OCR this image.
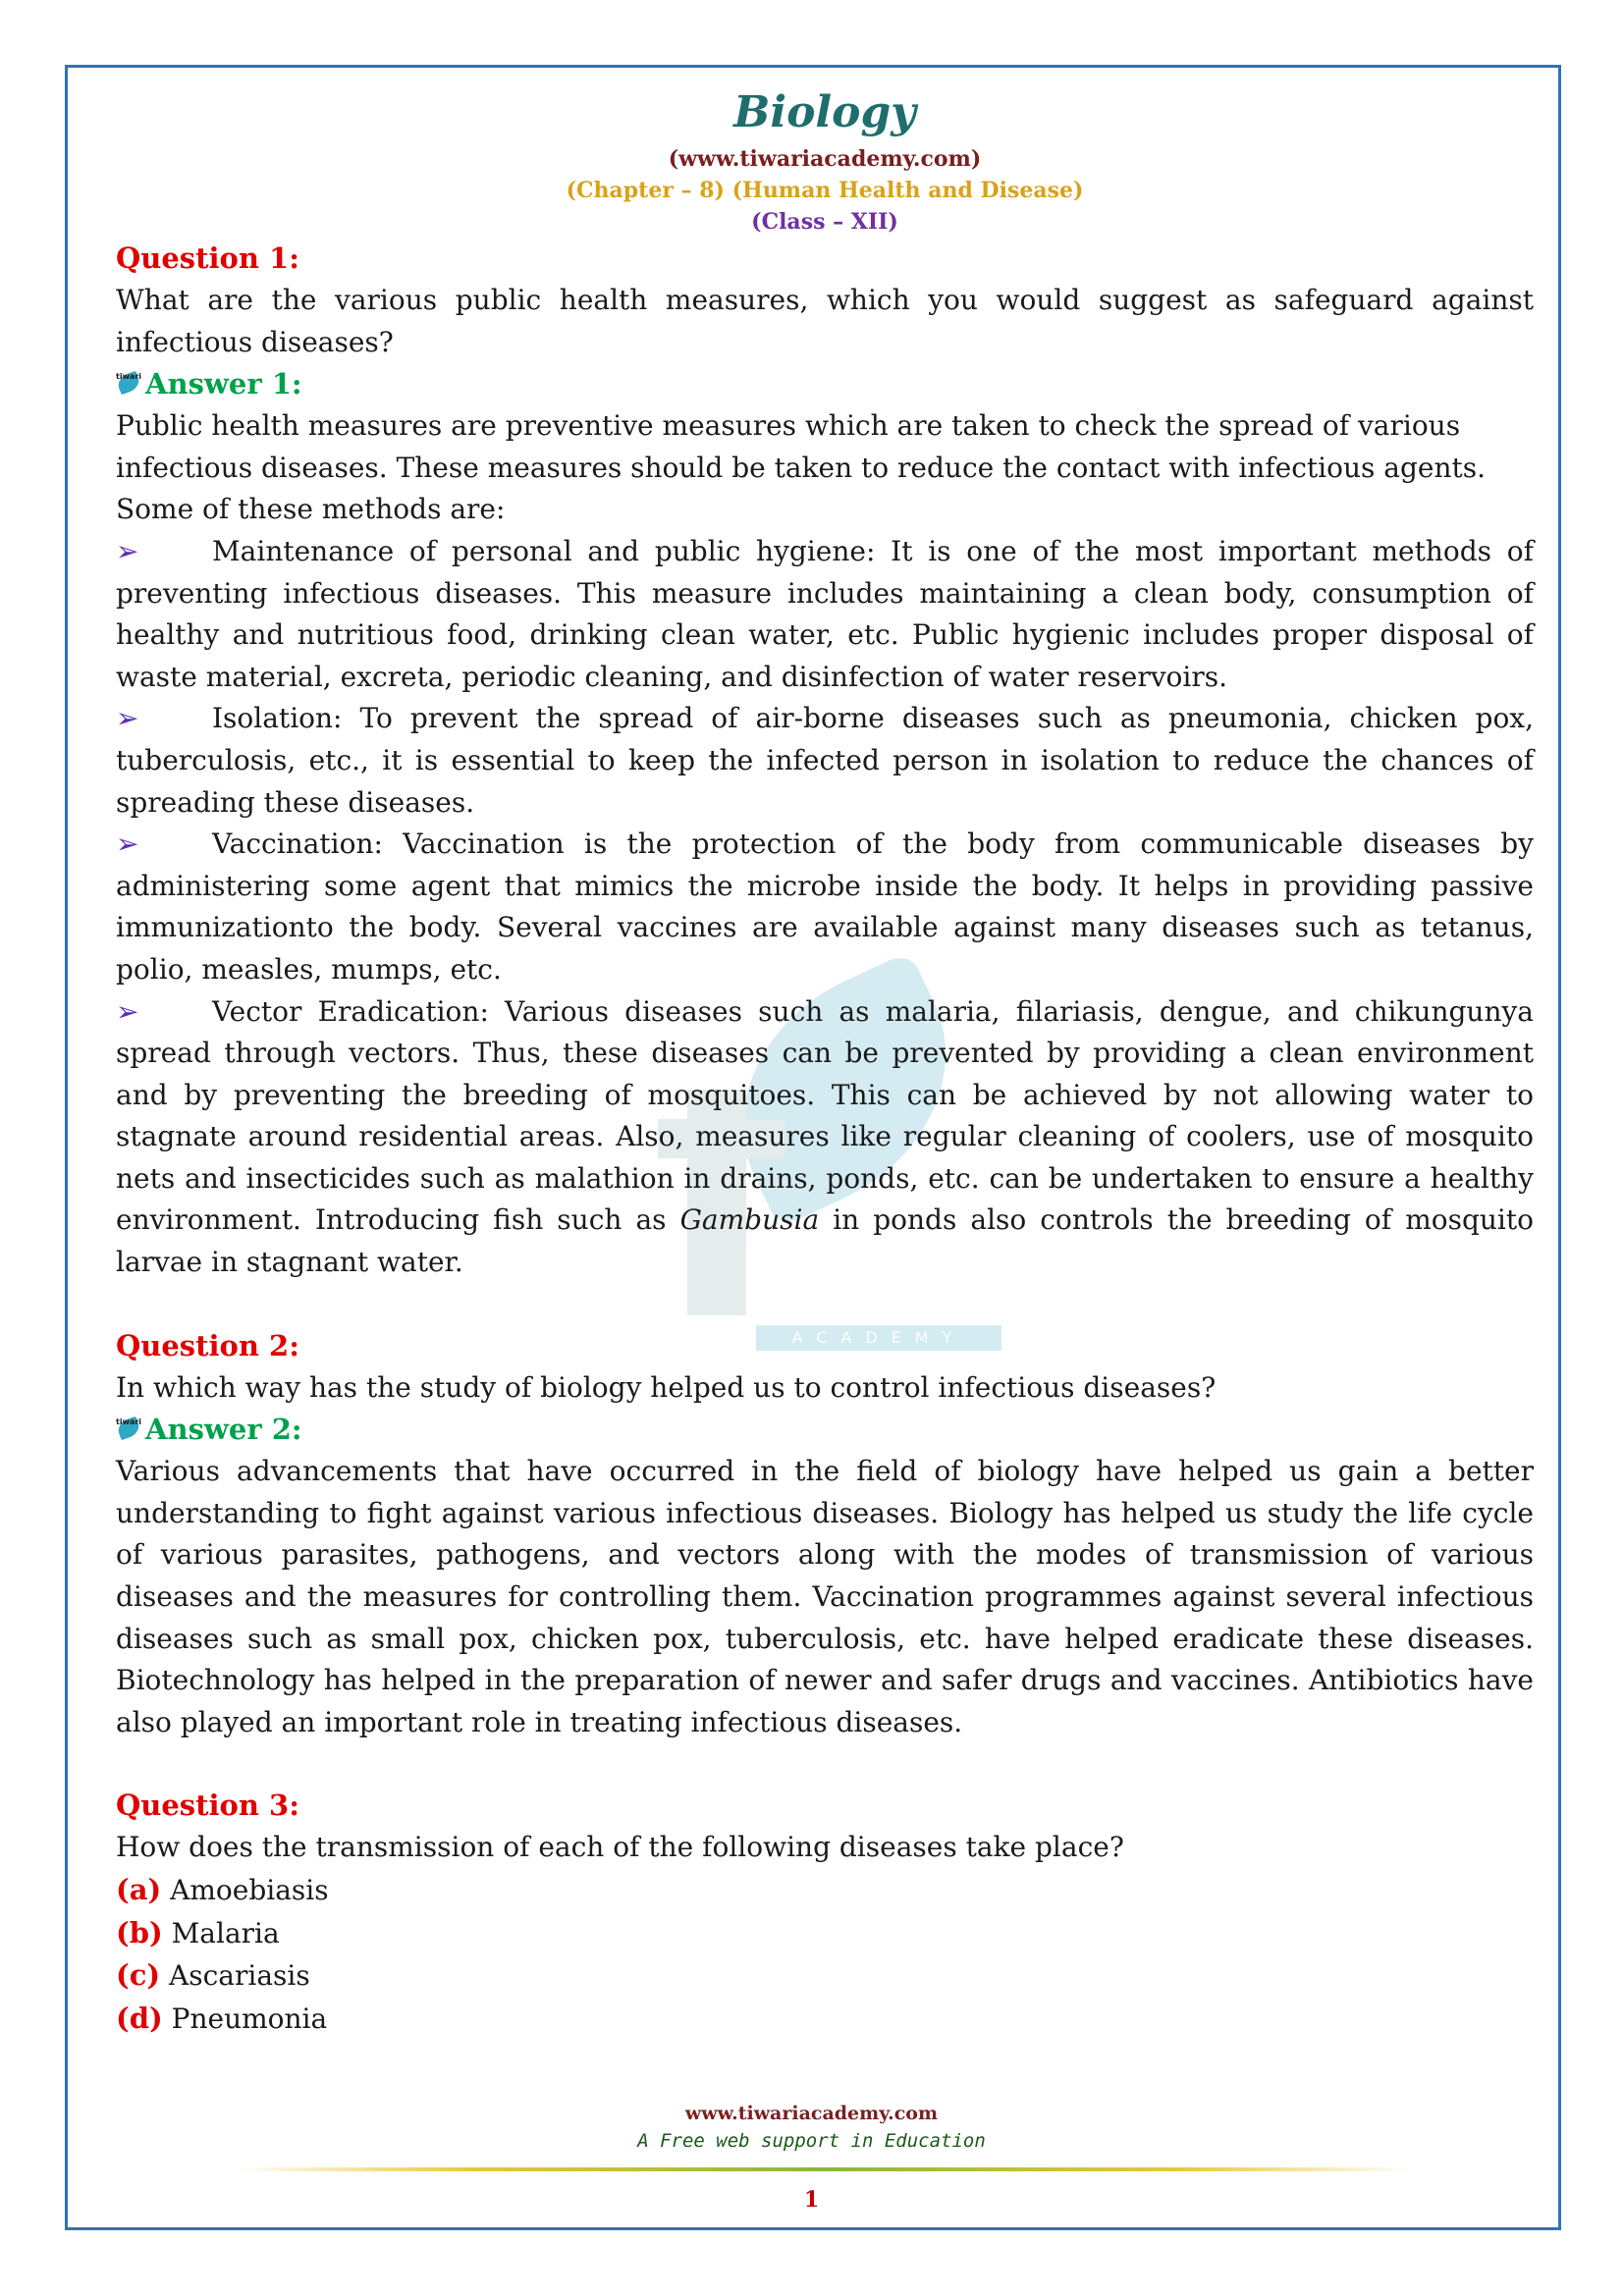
ACADEMY
Biology
(www.tiwariacademy.com)
(Chapter – 8) (Human Health and Disease)
(Class – XII)

Question 1:

What are the various public health measures, which you would suggest as safeguard against infectious diseases?

tiwari Answer 1:

Public health measures are preventive measures which are taken to check the spread of various infectious diseases. These measures should be taken to reduce the contact with infectious agents.

Some of these methods are:

➢	Maintenance of personal and public hygiene: It is one of the most important methods of preventing infectious diseases. This measure includes maintaining a clean body, consumption of healthy and nutritious food, drinking clean water, etc. Public hygienic includes proper disposal of waste material, excreta, periodic cleaning, and disinfection of water reservoirs.

➢	Isolation: To prevent the spread of air-borne diseases such as pneumonia, chicken pox, tuberculosis, etc., it is essential to keep the infected person in isolation to reduce the chances of spreading these diseases.

➢	Vaccination: Vaccination is the protection of the body from communicable diseases by administering some agent that mimics the microbe inside the body. It helps in providing passive immunizationto the body. Several vaccines are available against many diseases such as tetanus, polio, measles, mumps, etc.

➢	Vector Eradication: Various diseases such as malaria, filariasis, dengue, and chikungunya spread through vectors. Thus, these diseases can be prevented by providing a clean environment and by preventing the breeding of mosquitoes. This can be achieved by not allowing water to stagnate around residential areas. Also, measures like regular cleaning of coolers, use of mosquito nets and insecticides such as malathion in drains, ponds, etc. can be undertaken to ensure a healthy environment. Introducing fish such as Gambusia in ponds also controls the breeding of mosquito larvae in stagnant water.

Question 2:

In which way has the study of biology helped us to control infectious diseases?

tiwari Answer 2:

Various advancements that have occurred in the field of biology have helped us gain a better understanding to fight against various infectious diseases. Biology has helped us study the life cycle of various parasites, pathogens, and vectors along with the modes of transmission of various diseases and the measures for controlling them. Vaccination programmes against several infectious diseases such as small pox, chicken pox, tuberculosis, etc. have helped eradicate these diseases. Biotechnology has helped in the preparation of newer and safer drugs and vaccines. Antibiotics have also played an important role in treating infectious diseases.

Question 3:

How does the transmission of each of the following diseases take place?

(a) Amoebiasis

(b) Malaria

(c) Ascariasis

(d) Pneumonia

www.tiwariacademy.com
A Free web support in Education
1
